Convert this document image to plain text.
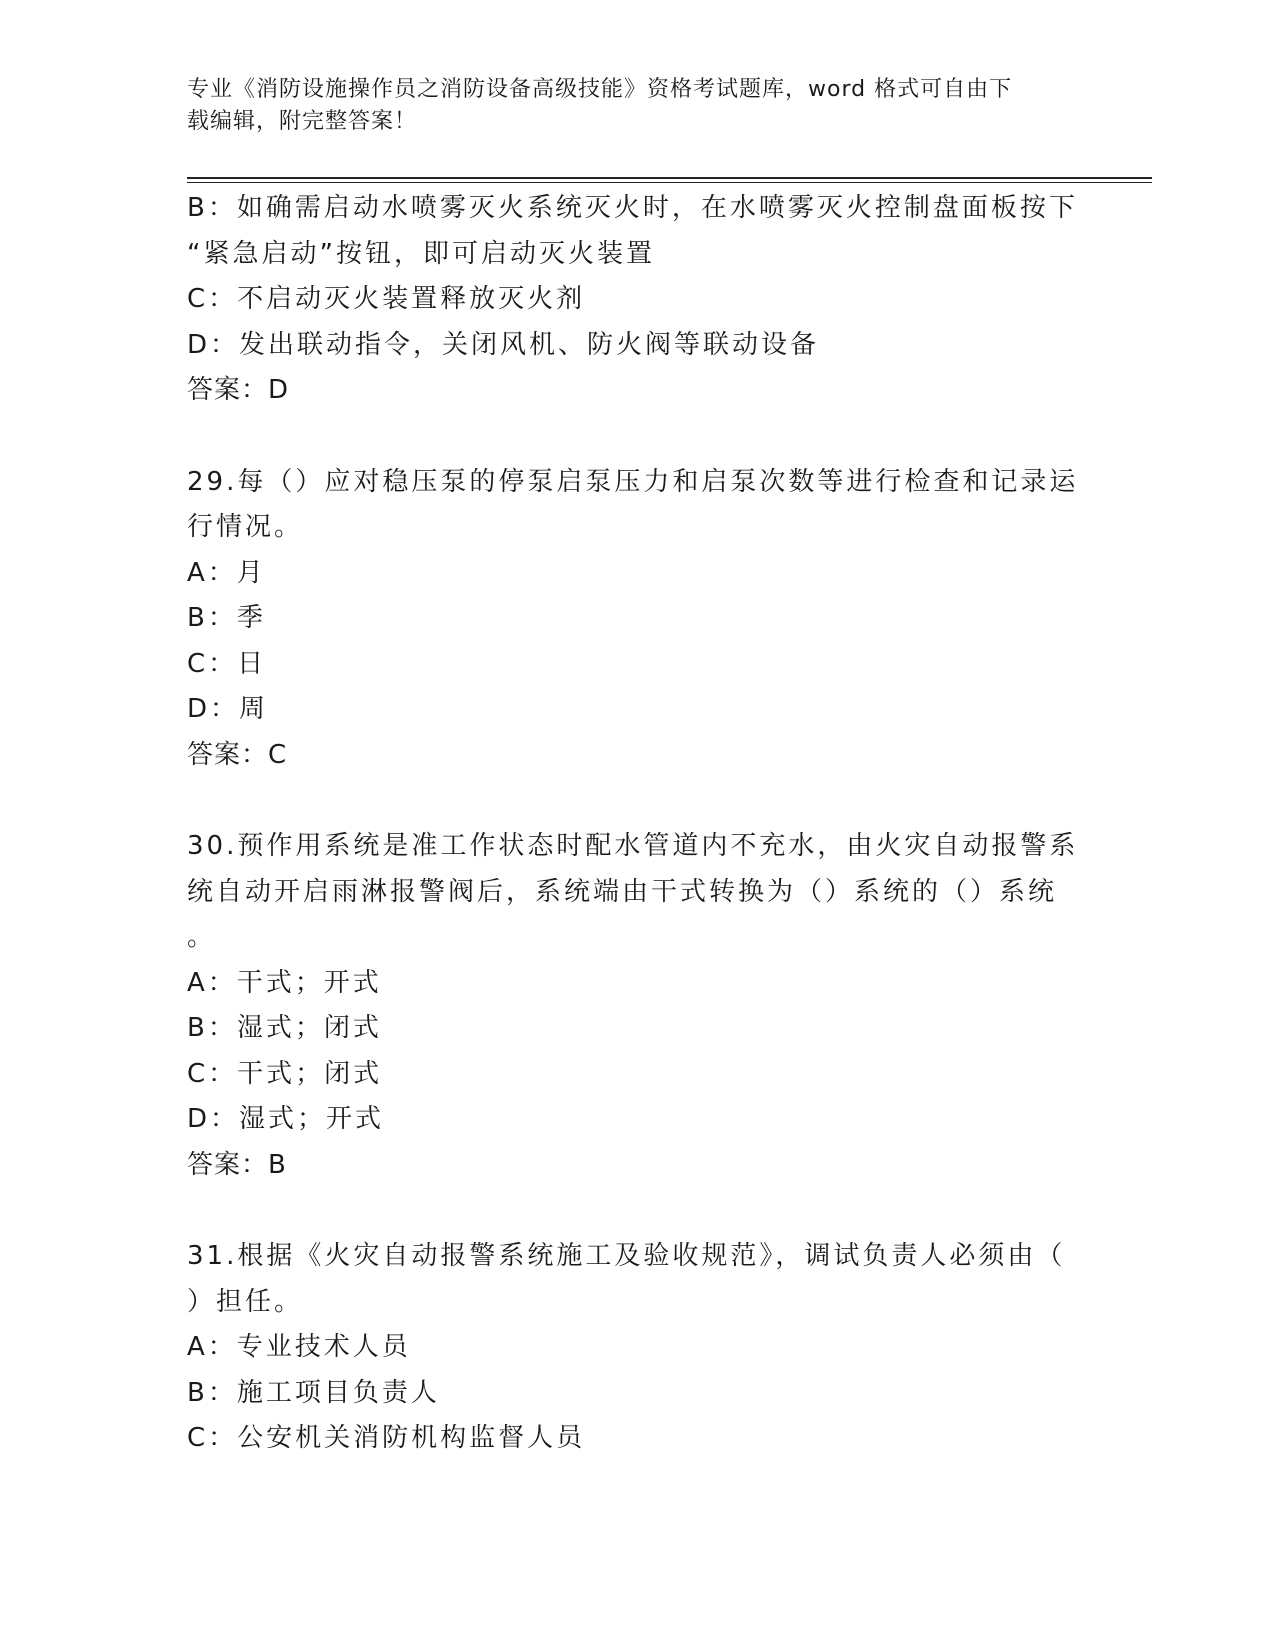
专业《消防设施操作员之消防设备高级技能》资格考试题库，word 格式可自由下
载编辑，附完整答案！
B：如确需启动水喷雾灭火系统灭火时，在水喷雾灭火控制盘面板按下
“紧急启动”按钮，即可启动灭火装置
C：不启动灭火装置释放灭火剂
D：发出联动指令，关闭风机、防火阀等联动设备
答案：D
29.每（）应对稳压泵的停泵启泵压力和启泵次数等进行检查和记录运
行情况。
A：月
B：季
C：日
D：周
答案：C
30.预作用系统是准工作状态时配水管道内不充水，由火灾自动报警系
统自动开启雨淋报警阀后，系统端由干式转换为（）系统的（）系统
。
A：干式；开式
B：湿式；闭式
C：干式；闭式
D：湿式；开式
答案：B
31.根据《火灾自动报警系统施工及验收规范》，调试负责人必须由（
）担任。
A：专业技术人员
B：施工项目负责人
C：公安机关消防机构监督人员
